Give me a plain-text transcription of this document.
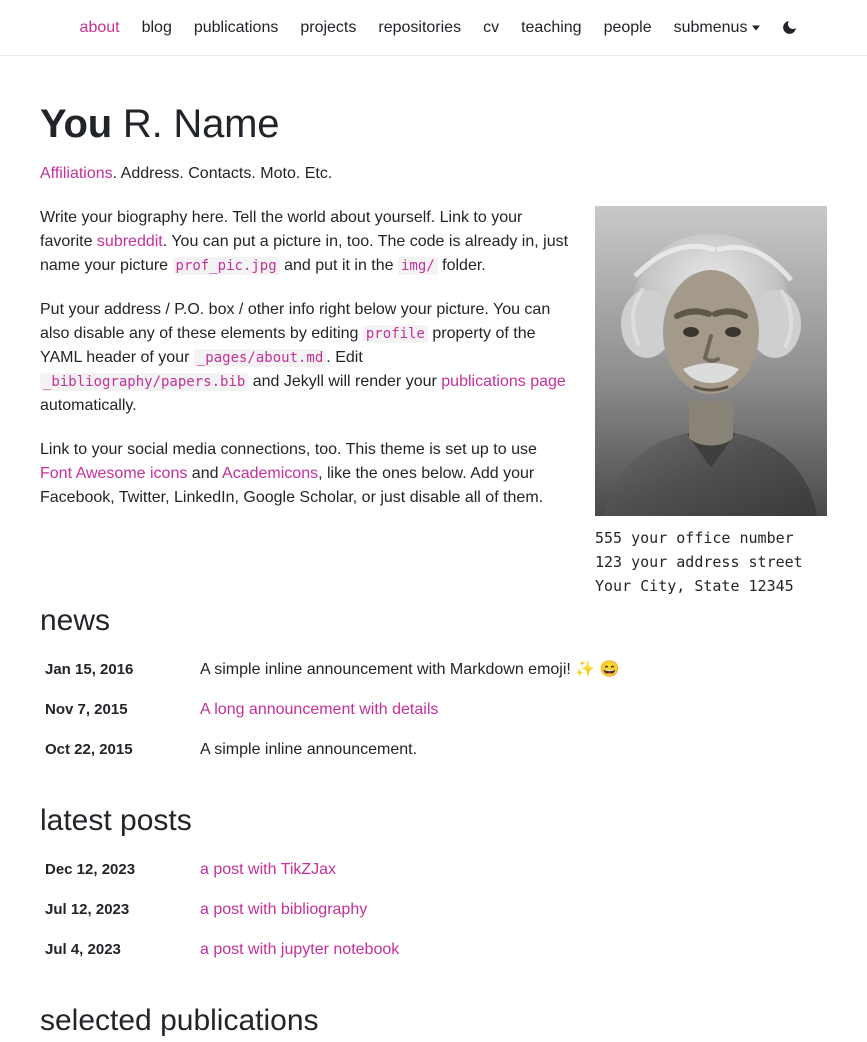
about	blog	publications	projects	repositories	cv	teaching	people	submenus
You R. Name

Affiliations. Address. Contacts. Moto. Etc.

555 your office number
123 your address street
Your City, State 12345

Write your biography here. Tell the world about yourself. Link to your favorite subreddit. You can put a picture in, too. The code is already in, just name your picture prof_pic.jpg and put it in the img/ folder.

Put your address / P.O. box / other info right below your picture. You can also disable any of these elements by editing profile property of the YAML header of your _pages/about.md . Edit _bibliography/papers.bib and Jekyll will render your publications page automatically.

Link to your social media connections, too. This theme is set up to use Font Awesome icons and Academicons, like the ones below. Add your Facebook, Twitter, LinkedIn, Google Scholar, or just disable all of them.

news
Jan 15, 2016	A simple inline announcement with Markdown emoji! ✨ 😄
Nov 7, 2015	A long announcement with details
Oct 22, 2015	A simple inline announcement.
latest posts
Dec 12, 2023	a post with TikZJax
Jul 12, 2023	a post with bibliography
Jul 4, 2023	a post with jupyter notebook
selected publications
